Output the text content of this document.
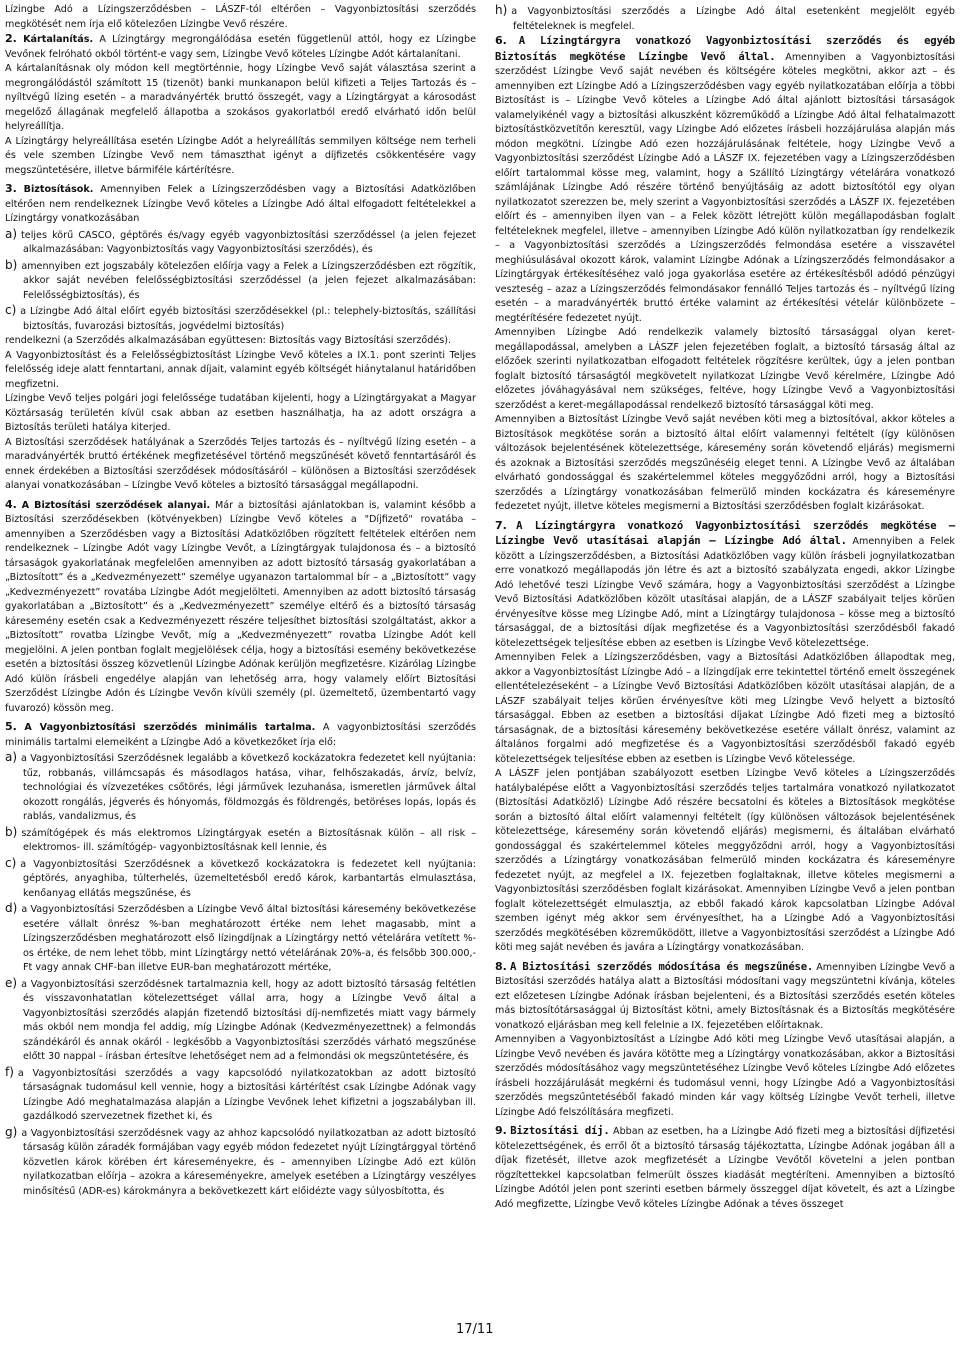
Lízingbe Adó a Lízingszerződésben – LÁSZF-tól eltérően – Vagyonbiztosítási szerződés megkötését nem írja elő kötelezően Lízingbe Vevő részére.

2. Kártalanítás. A Lízingtárgy megrongálódása esetén függetlenül attól, hogy ez Lízingbe Vevőnek felróható okból történt-e vagy sem, Lízingbe Vevő köteles Lízingbe Adót kártalanítani.

A kártalanításnak oly módon kell megtörténnie, hogy Lízingbe Vevő saját választása szerint a megrongálódástól számított 15 (tizenöt) banki munkanapon belül kifizeti a Teljes Tartozás és – nyíltvégű lízing esetén – a maradványérték bruttó összegét, vagy a Lízingtárgyat a károsodást megelőző állagának megfelelő állapotba a szokásos gyakorlatból eredő elvárható időn belül helyreállítja.

A Lízingtárgy helyreállítása esetén Lízingbe Adót a helyreállítás semmilyen költsége nem terheli és vele szemben Lízingbe Vevő nem támaszthat igényt a díjfizetés csökkentésére vagy megszüntetésére, illetve bármiféle kártérítésre.

3. Biztosítások. Amennyiben Felek a Lízingszerződésben vagy a Biztosítási Adatközlőben eltérően nem rendelkeznek Lízingbe Vevő köteles a Lízingbe Adó által elfogadott feltételekkel a Lízingtárgy vonatkozásában

a) teljes körű CASCO, géptörés és/vagy egyéb vagyonbiztosítási szerződéssel (a jelen fejezet alkalmazásában: Vagyonbiztosítás vagy Vagyonbiztosítási szerződés), és

b) amennyiben ezt jogszabály kötelezően előírja vagy a Felek a Lízingszerződésben ezt rögzítik, akkor saját nevében felelősségbiztosítási szerződéssel (a jelen fejezet alkalmazásában: Felelősségbiztosítás), és

c) a Lízingbe Adó által előírt egyéb biztosítási szerződésekkel (pl.: telephely-biztosítás, szállítási biztosítás, fuvarozási biztosítás, jogvédelmi biztosítás)

rendelkezni (a Szerződés alkalmazásában együttesen: Biztosítás vagy Biztosítási szerződés).

A Vagyonbiztosítást és a Felelősségbiztosítást Lízingbe Vevő köteles a IX.1. pont szerinti Teljes felelősség ideje alatt fenntartani, annak díjait, valamint egyéb költségét hiánytalanul határidőben megfizetni.

Lízingbe Vevő teljes polgári jogi felelőssége tudatában kijelenti, hogy a Lízingtárgyakat a Magyar Köztársaság területén kívül csak abban az esetben használhatja, ha az adott országra a Biztosítás területi hatálya kiterjed.

A Biztosítási szerződések hatályának a Szerződés Teljes tartozás és – nyíltvégű lízing esetén – a maradványérték bruttó értékének megfizetésével történő megszűnését követő fenntartásáról és ennek érdekében a Biztosítási szerződések módosításáról – különösen a Biztosítási szerződések alanyai vonatkozásában – Lízingbe Vevő köteles a biztosító társasággal megállapodni.

4. A Biztosítási szerződések alanyai. Már a biztosítási ajánlatokban is, valamint később a Biztosítási szerződésekben (kötvényekben) Lízingbe Vevő köteles a "Díjfizető" rovatába – amennyiben a Szerződésben vagy a Biztosítási Adatközlőben rögzített feltételek eltérően nem rendelkeznek – Lízingbe Adót vagy Lízingbe Vevőt, a Lízingtárgyak tulajdonosa és – a biztosító társaságok gyakorlatának megfelelően amennyiben az adott biztosító társaság gyakorlatában a „Biztosított” és a „Kedvezményezett” személye ugyanazon tartalommal bír – a „Biztosított” vagy „Kedvezményezett” rovatába Lízingbe Adót megjelölteti. Amennyiben az adott biztosító társaság gyakorlatában a „Biztosított” és a „Kedvezményezett” személye eltérő és a biztosító társaság káresemény esetén csak a Kedvezményezett részére teljesíthet biztosítási szolgáltatást, akkor a „Biztosított” rovatba Lízingbe Vevőt, míg a „Kedvezményezett” rovatba Lízingbe Adót kell megjelölni. A jelen pontban foglalt megjelölések célja, hogy a biztosítási esemény bekövetkezése esetén a biztosítási összeg közvetlenül Lízingbe Adónak kerüljön megfizetésre. Kizárólag Lízingbe Adó külön írásbeli engedélye alapján van lehetőség arra, hogy valamely előírt Biztosítási Szerződést Lízingbe Adón és Lízingbe Vevőn kívüli személy (pl. üzemeltető, üzembentartó vagy fuvarozó) kössön meg.

5. A Vagyonbiztosítási szerződés minimális tartalma. A vagyonbiztosítási szerződés minimális tartalmi elemeiként a Lízingbe Adó a következőket írja elő:

a) a Vagyonbiztosítási Szerződésnek legalább a következő kockázatokra fedezetet kell nyújtania: tűz, robbanás, villámcsapás és másodlagos hatása, vihar, felhőszakadás, árvíz, belvíz, technológiai és vízvezetékes csőtörés, légi járművek lezuhanása, ismeretlen járművek által okozott rongálás, jégverés és hónyomás, földmozgás és földrengés, betöréses lopás, lopás és rablás, vandalizmus, és

b) számítógépek és más elektromos Lízingtárgyak esetén a Biztosításnak külön – all risk – elektromos- ill. számítógép- vagyonbiztosításnak kell lennie, és

c) a Vagyonbiztosítási Szerződésnek a következő kockázatokra is fedezetet kell nyújtania: géptörés, anyaghiba, túlterhelés, üzemeltetésből eredő károk, karbantartás elmulasztása, kenőanyag ellátás megszűnése, és

d) a Vagyonbiztosítási Szerződésben a Lízingbe Vevő által biztosítási káresemény bekövetkezése esetére vállalt önrész %-ban meghatározott értéke nem lehet magasabb, mint a Lízingszerződésben meghatározott első lízingdíjnak a Lízingtárgy nettó vételárára vetített %-os értéke, de nem lehet több, mint Lízingtárgy nettó vételárának 20%-a, és felsőbb 300.000,- Ft vagy annak CHF-ban illetve EUR-ban meghatározott mértéke,

e) a Vagyonbiztosítási szerződésnek tartalmaznia kell, hogy az adott biztosító társaság feltétlen és visszavonhatatlan kötelezettséget vállal arra, hogy a Lízingbe Vevő által a Vagyonbiztosítási szerződés alapján fizetendő biztosítási díj-nemfizetés miatt vagy bármely más okból nem mondja fel addig, míg Lízingbe Adónak (Kedvezményezettnek) a felmondás szándékáról és annak okáról - legkésőbb a Vagyonbiztosítási szerződés várható megszűnése előtt 30 nappal - írásban értesítve lehetőséget nem ad a felmondási ok megszüntetésére, és

f) a Vagyonbiztosítási szerződés a vagy kapcsolódó nyilatkozatokban az adott biztosító társaságnak tudomásul kell vennie, hogy a biztosítási kártérítést csak Lízingbe Adónak vagy Lízingbe Adó meghatalmazása alapján a Lízingbe Vevőnek lehet kifizetni a jogszabályban ill. gazdálkodó szervezetnek fizethet ki, és

g) a Vagyonbiztosítási szerződésnek vagy az ahhoz kapcsolódó nyilatkozatban az adott biztosító társaság külön záradék formájában vagy egyéb módon fedezetet nyújt Lízingtárggyal történő közvetlen károk körében ért káreseményekre, és – amennyiben Lízingbe Adó ezt külön nyilatkozatban előírja – azokra a káreseményekre, amelyek esetében a Lízingtárgy veszélyes minősítésű (ADR-es) károkmányra a bekövetkezett kárt előidézte vagy súlyosbította, és

h) a Vagyonbiztosítási szerződés a Lízingbe Adó által esetenként megjelölt egyéb feltételeknek is megfelel.

6. A Lízingtárgyra vonatkozó Vagyonbiztosítási szerződés és egyéb Biztosítás megkötése Lízingbe Vevő által. Amennyiben a Vagyonbiztosítási szerződést Lízingbe Vevő saját nevében és költségére köteles megkötni, akkor azt – és amennyiben ezt Lízingbe Adó a Lízingszerződésben vagy egyéb nyilatkozatában előírja a többi Biztosítást is – Lízingbe Vevő köteles a Lízingbe Adó által ajánlott biztosítási társaságok valamelyikénél vagy a biztosítási alkuszként közreműködő a Lízingbe Adó által felhatalmazott biztosítástközvetítőn keresztül, vagy Lízingbe Adó előzetes írásbeli hozzájárulása alapján más módon megkötni. Lízingbe Adó ezen hozzájárulásának feltétele, hogy Lízingbe Vevő a Vagyonbiztosítási szerződést Lízingbe Adó a LÁSZF IX. fejezetében vagy a Lízingszerződésben előírt tartalommal kösse meg, valamint, hogy a Szállító Lízingtárgy vételárára vonatkozó számlájának Lízingbe Adó részére történő benyújtásáig az adott biztosítótól egy olyan nyilatkozatot szerezzen be, mely szerint a Vagyonbiztosítási szerződés a LÁSZF IX. fejezetében előírt és – amennyiben ilyen van – a Felek között létrejött külön megállapodásban foglalt feltételeknek megfelel, illetve – amennyiben Lízingbe Adó külön nyilatkozatban így rendelkezik – a Vagyonbiztosítási szerződés a Lízingszerződés felmondása esetére a visszavétel meghiúsulásával okozott károk, valamint Lízingbe Adónak a Lízingszerződés felmondásakor a Lízingtárgyak értékesítéséhez való joga gyakorlása esetére az értékesítésből adódó pénzügyi veszteség – azaz a Lízingszerződés felmondásakor fennálló Teljes tartozás és – nyíltvégű lízing esetén – a maradványérték bruttó értéke valamint az értékesítési vételár különbözete – megtérítésére fedezetet nyújt.

Amennyiben Lízingbe Adó rendelkezik valamely biztosító társasággal olyan keret-megállapodással, amelyben a LÁSZF jelen fejezetében foglalt, a biztosító társaság által az előzőek szerinti nyilatkozatban elfogadott feltételek rögzítésre kerültek, úgy a jelen pontban foglalt biztosító társaságtól megkövetelt nyilatkozat Lízingbe Vevő kérelmére, Lízingbe Adó előzetes jóváhagyásával nem szükséges, feltéve, hogy Lízingbe Vevő a Vagyonbiztosítási szerződést a keret-megállapodással rendelkező biztosító társasággal köti meg.

Amennyiben a Biztosítást Lízingbe Vevő saját nevében köti meg a biztosítóval, akkor köteles a Biztosítások megkötése során a biztosító által előírt valamennyi feltételt (így különösen változások bejelentésének kötelezettsége, káresemény során követendő eljárás) megismerni és azoknak a Biztosítási szerződés megszűnéséig eleget tenni. A Lízingbe Vevő az általában elvárható gondossággal és szakértelemmel köteles meggyőződni arról, hogy a Biztosítási szerződés a Lízingtárgy vonatkozásában felmerülő minden kockázatra és káreseményre fedezetet nyújt, illetve köteles megismerni a Biztosítási szerződésben foglalt kizárásokat.

7. A Lízingtárgyra vonatkozó Vagyonbiztosítási szerződés megkötése – Lízingbe Vevő utasításai alapján – Lízingbe Adó által. Amennyiben a Felek között a Lízingszerződésben, a Biztosítási Adatközlőben vagy külön írásbeli jognyilatkozatban erre vonatkozó megállapodás jön létre és azt a biztosító szabályzata engedi, akkor Lízingbe Adó lehetővé teszi Lízingbe Vevő számára, hogy a Vagyonbiztosítási szerződést a Lízingbe Vevő Biztosítási Adatközlőben közölt utasításai alapján, de a LÁSZF szabályait teljes körűen érvényesítve kösse meg Lízingbe Adó, mint a Lízingtárgy tulajdonosa – kösse meg a biztosító társasággal, de a biztosítási díjak megfizetése és a Vagyonbiztosítási szerződésből fakadó kötelezettségek teljesítése ebben az esetben is Lízingbe Vevő kötelezettsége.

Amennyiben Felek a Lízingszerződésben, vagy a Biztosítási Adatközlőben állapodtak meg, akkor a Vagyonbiztosítást Lízingbe Adó – a lízingdíjak erre tekintettel történő emelt összegének ellentételezéseként – a Lízingbe Vevő Biztosítási Adatközlőben közölt utasításai alapján, de a LÁSZF szabályait teljes körűen érvényesítve köti meg Lízingbe Vevő helyett a biztosító társasággal. Ebben az esetben a biztosítási díjakat Lízingbe Adó fizeti meg a biztosító társaságnak, de a biztosítási káresemény bekövetkezése esetére vállalt önrész, valamint az általános forgalmi adó megfizetése és a Vagyonbiztosítási szerződésből fakadó egyéb kötelezettségek teljesítése ebben az esetben is Lízingbe Vevő kötelessége.

A LÁSZF jelen pontjában szabályozott esetben Lízingbe Vevő köteles a Lízingszerződés hatálybalépése előtt a Vagyonbiztosítási szerződés teljes tartalmára vonatkozó nyilatkozatot (Biztosítási Adatközlő) Lízingbe Adó részére becsatolni és köteles a Biztosítások megkötése során a biztosító által előírt valamennyi feltételt (így különösen változások bejelentésének kötelezettsége, káresemény során követendő eljárás) megismerni, és általában elvárható gondossággal és szakértelemmel köteles meggyőződni arról, hogy a Vagyonbiztosítási szerződés a Lízingtárgy vonatkozásában felmerülő minden kockázatra és káreseményre fedezetet nyújt, az megfelel a IX. fejezetben foglaltaknak, illetve köteles megismerni a Vagyonbiztosítási szerződésben foglalt kizárásokat. Amennyiben Lízingbe Vevő a jelen pontban foglalt kötelezettségét elmulasztja, az ebből fakadó károk kapcsolatban Lízingbe Adóval szemben igényt még akkor sem érvényesíthet, ha a Lízingbe Adó a Vagyonbiztosítási szerződés megkötésében közreműködött, illetve a Vagyonbiztosítási szerződést a Lízingbe Adó köti meg saját nevében és javára a Lízingtárgy vonatkozásában.

8. A Biztosítási szerződés módosítása és megszűnése. Amennyiben Lízingbe Vevő a Biztosítási szerződés hatálya alatt a Biztosítási módosítani vagy megszüntetni kívánja, köteles ezt előzetesen Lízingbe Adónak írásban bejelenteni, és a Biztosítási szerződés esetén köteles más biztosítótársasággal új Biztosítást kötni, amely Biztosításnak és a Biztosítás megkötésére vonatkozó eljárásban meg kell felelnie a IX. fejezetében előírtaknak.

Amennyiben a Vagyonbiztosítást a Lízingbe Adó köti meg Lízingbe Vevő utasításai alapján, a Lízingbe Vevő nevében és javára kötötte meg a Lízingtárgy vonatkozásában, akkor a Biztosítási szerződés módosításához vagy megszüntetéséhez Lízingbe Vevő köteles Lízingbe Adó előzetes írásbeli hozzájárulását megkérni és tudomásul venni, hogy Lízingbe Adó a Vagyonbiztosítási szerződés megszűntetéséből fakadó minden kár vagy költség Lízingbe Vevőt terheli, illetve Lízingbe Adó felszólítására megfizeti.

9. Biztosítási díj. Abban az esetben, ha a Lízingbe Adó fizeti meg a biztosítási díjfizetési kötelezettségének, és erről őt a biztosító társaság tájékoztatta, Lízingbe Adónak jogában áll a díjak fizetését, illetve azok megfizetését a Lízingbe Vevőtől követelni a jelen pontban rögzítettekkel kapcsolatban felmerült összes kiadását megtéríteni. Amennyiben a biztosító Lízingbe Adótól jelen pont szerinti esetben bármely összeggel díjat követelt, és azt a Lízingbe Adó megfizette, Lízingbe Vevő köteles Lízingbe Adónak a téves összeget

17/11
